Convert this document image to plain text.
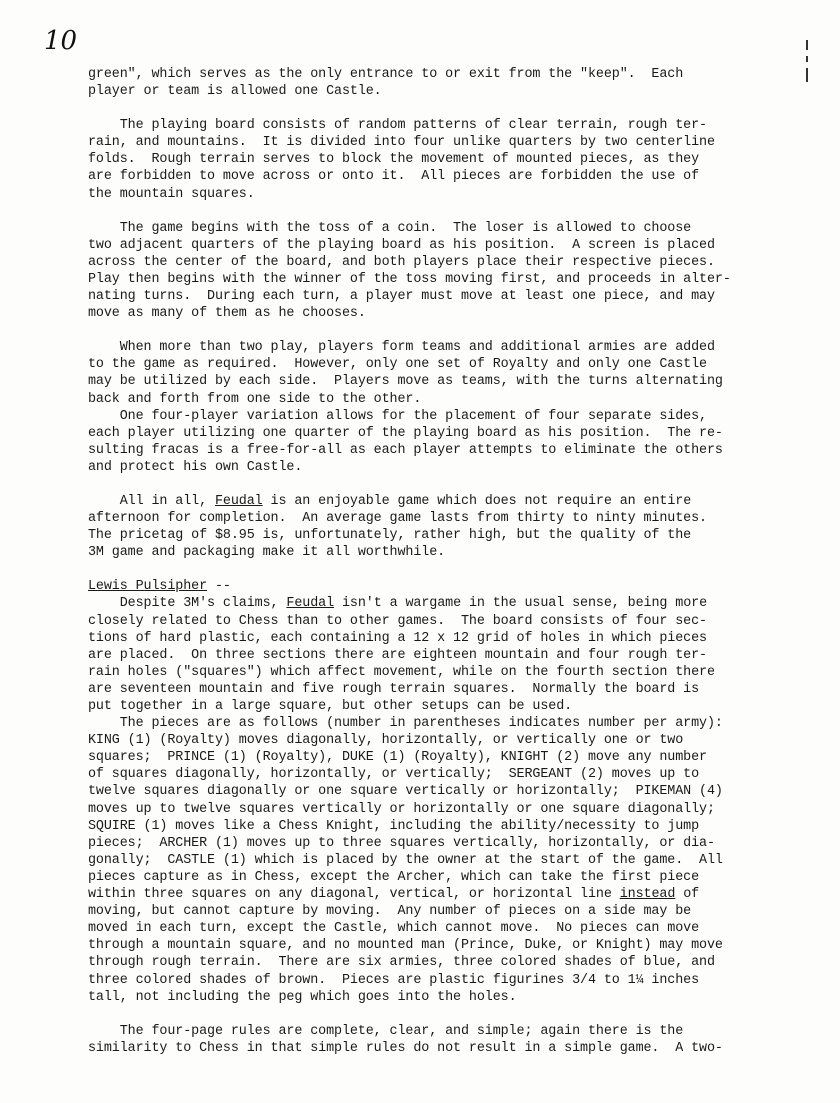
10
green", which serves as the only entrance to or exit from the "keep".  Each
player or team is allowed one Castle.
The playing board consists of random patterns of clear terrain, rough ter-
rain, and mountains.  It is divided into four unlike quarters by two centerline
folds.  Rough terrain serves to block the movement of mounted pieces, as they
are forbidden to move across or onto it.  All pieces are forbidden the use of
the mountain squares.
The game begins with the toss of a coin.  The loser is allowed to choose
two adjacent quarters of the playing board as his position.  A screen is placed
across the center of the board, and both players place their respective pieces.
Play then begins with the winner of the toss moving first, and proceeds in alter-
nating turns.  During each turn, a player must move at least one piece, and may
move as many of them as he chooses.
When more than two play, players form teams and additional armies are added
to the game as required.  However, only one set of Royalty and only one Castle
may be utilized by each side.  Players move as teams, with the turns alternating
back and forth from one side to the other.
One four-player variation allows for the placement of four separate sides,
each player utilizing one quarter of the playing board as his position.  The re-
sulting fracas is a free-for-all as each player attempts to eliminate the others
and protect his own Castle.
All in all, Feudal is an enjoyable game which does not require an entire
afternoon for completion.  An average game lasts from thirty to ninty minutes.
The pricetag of $8.95 is, unfortunately, rather high, but the quality of the
3M game and packaging make it all worthwhile.
Lewis Pulsipher --
Despite 3M's claims, Feudal isn't a wargame in the usual sense, being more
closely related to Chess than to other games.  The board consists of four sec-
tions of hard plastic, each containing a 12 x 12 grid of holes in which pieces
are placed.  On three sections there are eighteen mountain and four rough ter-
rain holes ("squares") which affect movement, while on the fourth section there
are seventeen mountain and five rough terrain squares.  Normally the board is
put together in a large square, but other setups can be used.
The pieces are as follows (number in parentheses indicates number per army):
KING (1) (Royalty) moves diagonally, horizontally, or vertically one or two
squares;  PRINCE (1) (Royalty), DUKE (1) (Royalty), KNIGHT (2) move any number
of squares diagonally, horizontally, or vertically;  SERGEANT (2) moves up to
twelve squares diagonally or one square vertically or horizontally;  PIKEMAN (4)
moves up to twelve squares vertically or horizontally or one square diagonally;
SQUIRE (1) moves like a Chess Knight, including the ability/necessity to jump
pieces;  ARCHER (1) moves up to three squares vertically, horizontally, or dia-
gonally;  CASTLE (1) which is placed by the owner at the start of the game.  All
pieces capture as in Chess, except the Archer, which can take the first piece
within three squares on any diagonal, vertical, or horizontal line instead of
moving, but cannot capture by moving.  Any number of pieces on a side may be
moved in each turn, except the Castle, which cannot move.  No pieces can move
through a mountain square, and no mounted man (Prince, Duke, or Knight) may move
through rough terrain.  There are six armies, three colored shades of blue, and
three colored shades of brown.  Pieces are plastic figurines 3/4 to 1¼ inches
tall, not including the peg which goes into the holes.
The four-page rules are complete, clear, and simple; again there is the
similarity to Chess in that simple rules do not result in a simple game.  A two-
